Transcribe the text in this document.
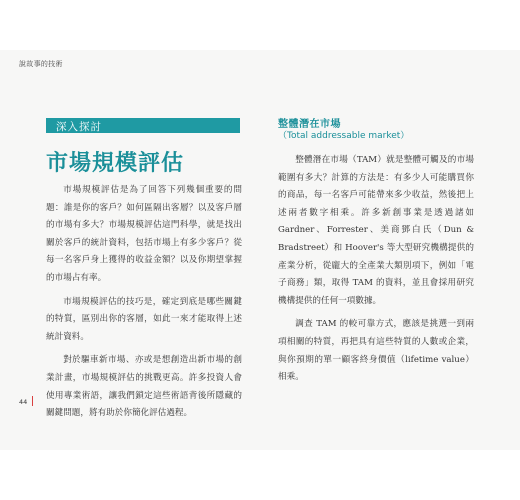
說故事的技術
深入探討
市場規模評估

市場規模評估是為了回答下列幾個重要的問題：誰是你的客戶？如何區隔出客層？以及客戶層的市場有多大？市場規模評估這門科學，就是找出關於客戶的統計資料，包括市場上有多少客戶？從每一名客戶身上獲得的收益金額？以及你期望掌握的市場占有率。

市場規模評估的技巧是，確定到底是哪些關鍵的特質，區別出你的客層，如此一來才能取得上述統計資料。

對於驅車新市場、亦或是想創造出新市場的創業計畫，市場規模評估的挑戰更高。許多投資人會使用專業術語，讓我們鎖定這些術語背後所隱藏的關鍵問題，將有助於你簡化評估過程。

整體潛在市場
（Total addressable market）

整體潛在市場（TAM）就是整體可觸及的市場範圍有多大？計算的方法是：有多少人可能購買你的商品，每一名客戶可能帶來多少收益，然後把上述兩者數字相乘。許多新創事業是透過諸如 Gardner、Forrester、美商鄧白氏（Dun & Bradstreet）和 Hoover's 等大型研究機構提供的產業分析，從龐大的全產業大類別項下，例如「電子商務」類，取得 TAM 的資料，並且會採用研究機構提供的任何一項數據。

調查 TAM 的較可靠方式，應該是挑選一到兩項相關的特質，再把具有這些特質的人數或企業，與你預期的單一顧客終身價值（lifetime value）相乘。

44
